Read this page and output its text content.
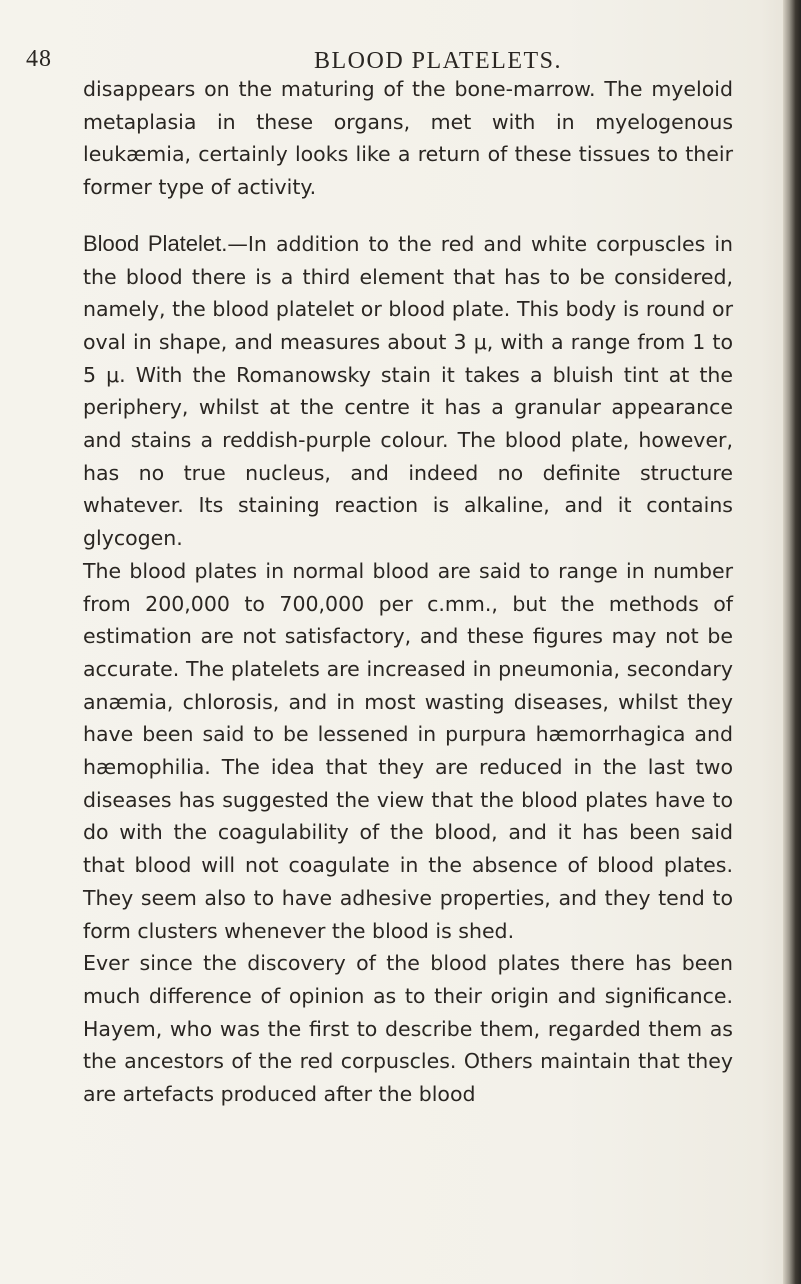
48	BLOOD PLATELETS.

disappears on the maturing of the bone-marrow. The myeloid metaplasia in these organs, met with in myelogenous leukæmia, certainly looks like a return of these tissues to their former type of activity.

Blood Platelet.—In addition to the red and white corpuscles in the blood there is a third element that has to be considered, namely, the blood platelet or blood plate. This body is round or oval in shape, and measures about 3 μ, with a range from 1 to 5 μ. With the Romanowsky stain it takes a bluish tint at the periphery, whilst at the centre it has a granular appearance and stains a reddish-purple colour. The blood plate, however, has no true nucleus, and indeed no definite structure whatever. Its staining reaction is alkaline, and it contains glycogen.

The blood plates in normal blood are said to range in number from 200,000 to 700,000 per c.mm., but the methods of estimation are not satisfactory, and these figures may not be accurate. The platelets are increased in pneumonia, secondary anæmia, chlorosis, and in most wasting diseases, whilst they have been said to be lessened in purpura hæmorrhagica and hæmophilia. The idea that they are reduced in the last two diseases has suggested the view that the blood plates have to do with the coagulability of the blood, and it has been said that blood will not coagulate in the absence of blood plates. They seem also to have adhesive properties, and they tend to form clusters whenever the blood is shed.

Ever since the discovery of the blood plates there has been much difference of opinion as to their origin and significance. Hayem, who was the first to describe them, regarded them as the ancestors of the red corpuscles. Others maintain that they are artefacts produced after the blood
